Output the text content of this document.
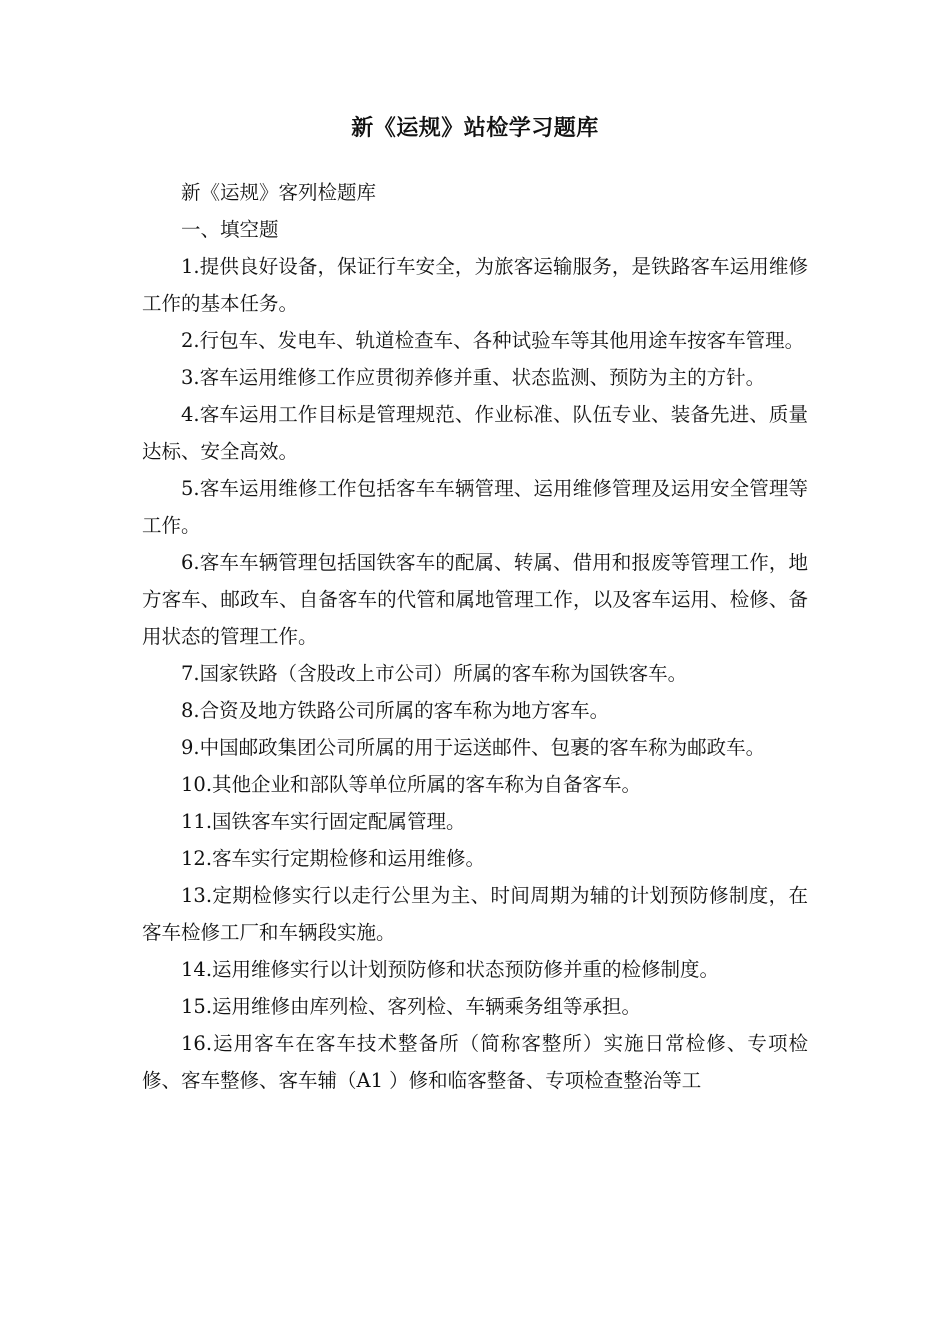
新《运规》站检学习题库

新《运规》客列检题库

一、填空题

1.提供良好设备，保证行车安全，为旅客运输服务，是铁路客车运用维修工作的基本任务。

2.行包车、发电车、轨道检查车、各种试验车等其他用途车按客车管理。

3.客车运用维修工作应贯彻养修并重、状态监测、预防为主的方针。

4.客车运用工作目标是管理规范、作业标准、队伍专业、装备先进、质量达标、安全高效。

5.客车运用维修工作包括客车车辆管理、运用维修管理及运用安全管理等工作。

6.客车车辆管理包括国铁客车的配属、转属、借用和报废等管理工作，地方客车、邮政车、自备客车的代管和属地管理工作，以及客车运用、检修、备用状态的管理工作。

7.国家铁路（含股改上市公司）所属的客车称为国铁客车。

8.合资及地方铁路公司所属的客车称为地方客车。

9.中国邮政集团公司所属的用于运送邮件、包裹的客车称为邮政车。

10.其他企业和部队等单位所属的客车称为自备客车。

11.国铁客车实行固定配属管理。

12.客车实行定期检修和运用维修。

13.定期检修实行以走行公里为主、时间周期为辅的计划预防修制度，在客车检修工厂和车辆段实施。

14.运用维修实行以计划预防修和状态预防修并重的检修制度。

15.运用维修由库列检、客列检、车辆乘务组等承担。

16.运用客车在客车技术整备所（简称客整所）实施日常检修、专项检修、客车整修、客车辅（A1 ）修和临客整备、专项检查整治等工
